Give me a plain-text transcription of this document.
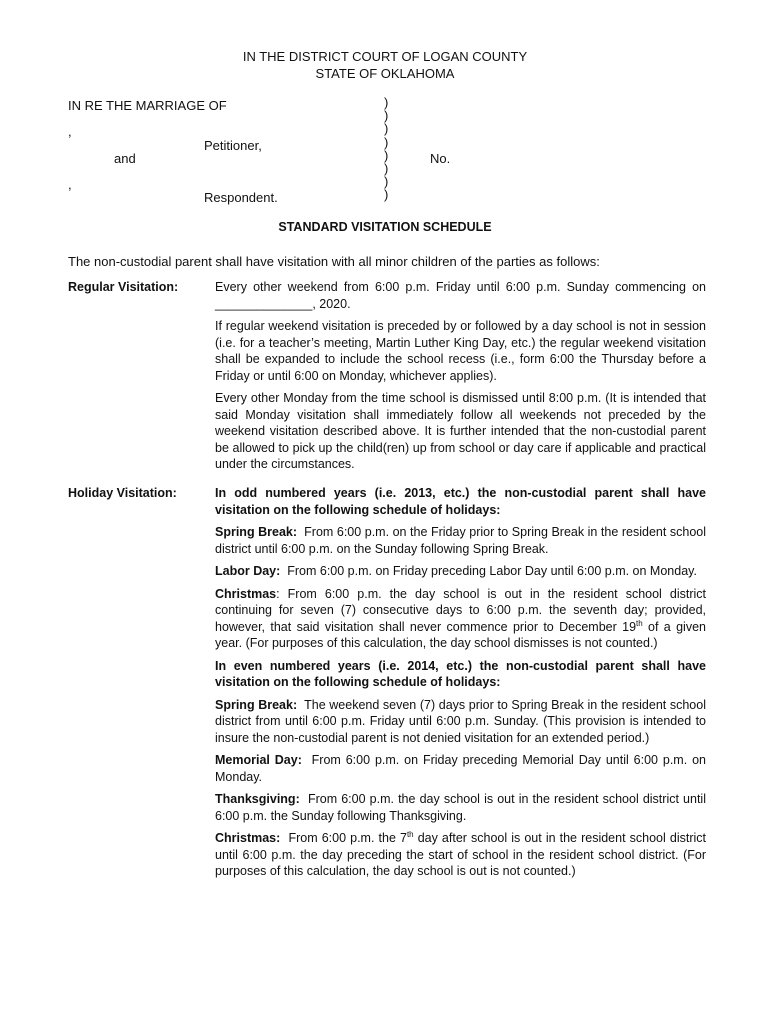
IN THE DISTRICT COURT OF LOGAN COUNTY
STATE OF OKLAHOMA
IN RE THE MARRIAGE OF
,
Petitioner,
and	No.
,
Respondent.
)
)
)
)
)
)
)
)
STANDARD VISITATION SCHEDULE
The non-custodial parent shall have visitation with all minor children of the parties as follows:
Regular Visitation:	Every other weekend from 6:00 p.m. Friday until 6:00 p.m. Sunday commencing on ______________, 2020.

If regular weekend visitation is preceded by or followed by a day school is not in session (i.e. for a teacher’s meeting, Martin Luther King Day, etc.) the regular weekend visitation shall be expanded to include the school recess (i.e., form 6:00 the Thursday before a Friday or until 6:00 on Monday, whichever applies).

Every other Monday from the time school is dismissed until 8:00 p.m. (It is intended that said Monday visitation shall immediately follow all weekends not preceded by the weekend visitation described above. It is further intended that the non-custodial parent be allowed to pick up the child(ren) up from school or day care if applicable and practical under the circumstances.

Holiday Visitation:	In odd numbered years (i.e. 2013, etc.) the non-custodial parent shall have visitation on the following schedule of holidays:

Spring Break: From 6:00 p.m. on the Friday prior to Spring Break in the resident school district until 6:00 p.m. on the Sunday following Spring Break.

Labor Day: From 6:00 p.m. on Friday preceding Labor Day until 6:00 p.m. on Monday.

Christmas: From 6:00 p.m. the day school is out in the resident school district continuing for seven (7) consecutive days to 6:00 p.m. the seventh day; provided, however, that said visitation shall never commence prior to December 19th of a given year. (For purposes of this calculation, the day school dismisses is not counted.)

In even numbered years (i.e. 2014, etc.) the non-custodial parent shall have visitation on the following schedule of holidays:

Spring Break: The weekend seven (7) days prior to Spring Break in the resident school district from until 6:00 p.m. Friday until 6:00 p.m. Sunday. (This provision is intended to insure the non-custodial parent is not denied visitation for an extended period.)

Memorial Day: From 6:00 p.m. on Friday preceding Memorial Day until 6:00 p.m. on Monday.

Thanksgiving: From 6:00 p.m. the day school is out in the resident school district until 6:00 p.m. the Sunday following Thanksgiving.

Christmas: From 6:00 p.m. the 7th day after school is out in the resident school district until 6:00 p.m. the day preceding the start of school in the resident school district. (For purposes of this calculation, the day school is out is not counted.)
